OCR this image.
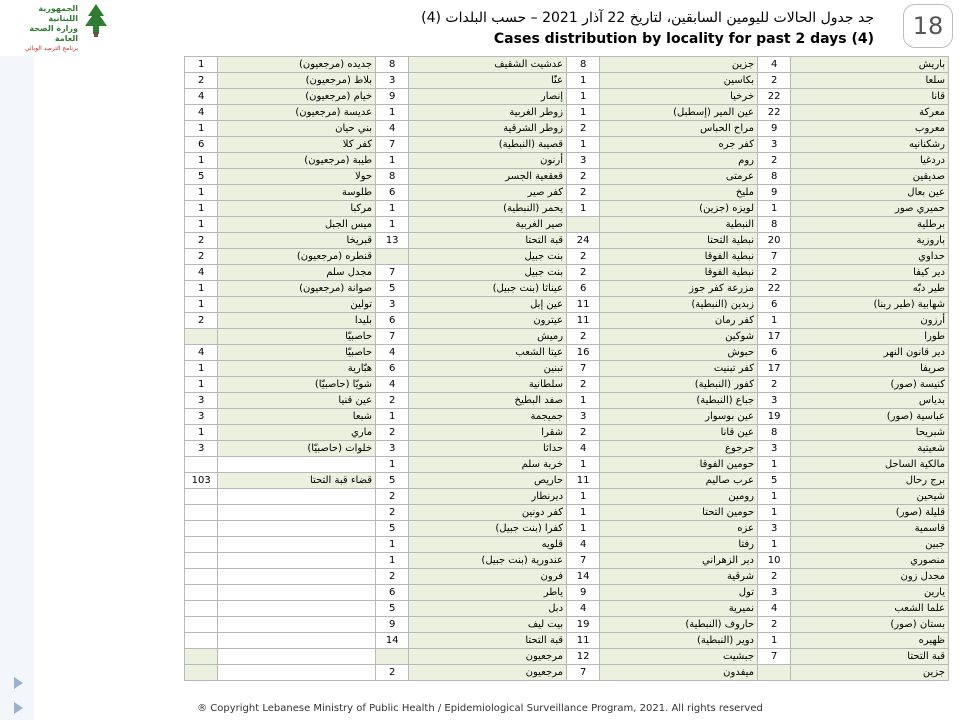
الجمهورية اللبنانية
وزارة الصحة العامة
برنامج الترصد الوبائي
جد جدول الحالات لليومين السابقين، لتاريخ 22 آذار 2021 – حسب البلدات (4)
Cases distribution by locality for past 2 days (4)	18
باريش	4	جزين	8	عدشيت الشقيف	8	جديده (مرجعيون)	1
سلعا	2	بكاسين	1	عنّا	3	بلاط (مرجعيون)	2
قانا	22	خرخيا	1	إنصار	9	خيام (مرجعيون)	4
معركة	22	عين المير (إسطبل)	1	زوطر الغربية	1	عديسة (مرجعيون)	4
معروب	9	مراح الحباس	2	زوطر الشرقية	4	بني حيان	1
رشكنانيه	3	كفر جره	1	قصيبة (النبطية)	7	كفر كلا	6
دردغيا	2	روم	3	أرنون	1	طيبة (مرجعيون)	1
صديقين	8	عرمتى	2	قعقعية الجسر	8	حولا	5
عين بعال	9	مليخ	2	كفر صير	6	طلوسة	1
حميري صور	1	لويزه (جزين)	1	يحمر (النبطية)	1	مركبا	1
برطلية	8	النبطية		صير الغربية	1	ميس الجبل	1
باروزية	20	نبطية التحتا	24	قبة التحتا	13	قبريخا	2
حداوي	7	نبطية الفوقا	2	بنت جبيل		قنطره (مرجعيون)	2
دير كيفا	2	نبطية الفوقا	2	بنت جبيل	7	مجدل سلم	4
طير دبّه	22	مزرعة كفر جوز	6	عيناثا (بنت جبيل)	5	صوانة (مرجعيون)	1
شهابية (طير ربنا)	6	زبدين (النبطية)	11	عين إبل	3	تولين	1
أرزون	1	كفر رمان	11	عيترون	6	بليدا	2
طورا	17	شوكين	2	رميش	7	حاصبيّا	
دير قانون النهر	6	حبوش	16	عيتا الشعب	4	حاصبيّا	4
صريفا	17	كفر تبنيت	7	تبنين	6	هبّارية	1
كنيسة (صور)	2	كفور (النبطية)	2	سلطانية	4	شويّا (حاصبيّا)	1
بدياس	3	جباع (النبطية)	1	صفد البطيخ	2	عين قنيا	3
عباسية (صور)	19	عين بوسوار	3	جميجمة	1	شبعا	3
شبريحا	8	عين قانا	2	شقرا	2	ماري	1
شعيتية	3	جرجوع	4	حداثا	3	خلوات (حاصبيّا)	3
مالكية الساحل	1	حومين الفوقا	1	خربة سلم	1		
برج رحال	5	عرب صاليم	11	حاريص	5	قضاء قبة التحتا	103
شيحين	1	رومين	1	ديرنطار	2		
قليلة (صور)	1	حومين التحتا	1	كفر دونين	2		
قاسمية	3	عزه	1	كفرا (بنت جبيل)	5		
جبين	1	رفتا	4	قلويه	1		
منصوري	10	دير الزهراني	7	عندورية (بنت جبيل)	1		
مجدل زون	2	شرقية	14	فرون	2		
يارين	3	تول	9	ياطر	6		
علما الشعب	4	نميرية	4	دبل	5		
بستان (صور)	2	حاروف (النبطية)	19	بيت ليف	9		
ظهيره	1	دوير (النبطية)	11	قبة التحتا	14		
قبة التحتا	7	جبشيت	12	مرجعيون			
جزين		ميفدون	7	مرجعيون	2		
® Copyright Lebanese Ministry of Public Health / Epidemiological Surveillance Program, 2021. All rights reserved
